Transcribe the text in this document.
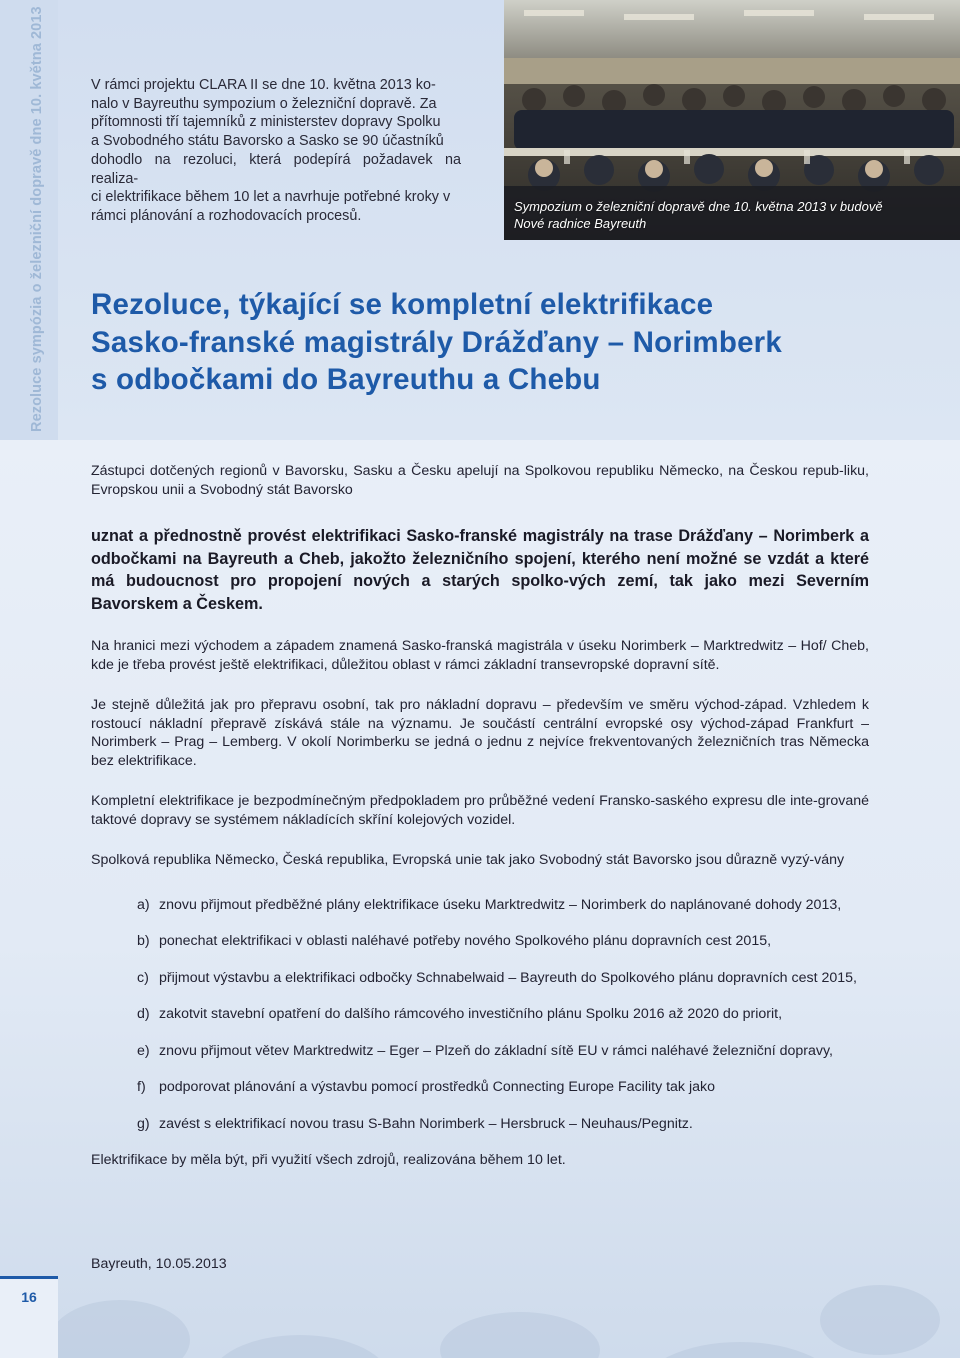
Rezoluce sympózia o železniční dopravě dne 10. května 2013	V rámci projektu CLARA II se dne 10. května 2013 ko-
nalo v Bayreuthu sympozium o železniční dopravě. Za
přítomnosti tří tajemníků z ministerstev dopravy Spolku
a Svobodného státu Bavorsko a Sasko se 90 účastníků
dohodlo na rezoluci, která podepírá požadavek na realiza-
ci elektrifikace během 10 let a navrhuje potřebné kroky v
rámci plánování a rozhodovacích procesů.
Sympozium o železniční dopravě dne 10. května 2013 v budově
Nové radnice Bayreuth
Rezoluce, týkající se kompletní elektrifikace
Sasko-franské magistrály Drážďany – Norimberk
s odbočkami do Bayreuthu a Chebu

Zástupci dotčených regionů v Bavorsku, Sasku a Česku apelují na Spolkovou republiku Německo, na Českou repub-liku, Evropskou unii a Svobodný stát Bavorsko

uznat a přednostně provést elektrifikaci Sasko-franské magistrály na trase Drážďany – Norimberk a odbočkami na Bayreuth a Cheb, jakožto železničního spojení, kterého není možné se vzdát a které má budoucnost pro propojení nových a starých spolko-vých zemí, tak jako mezi Severním Bavorskem a Českem.

Na hranici mezi východem a západem znamená Sasko-franská magistrála v úseku Norimberk – Marktredwitz – Hof/ Cheb, kde je třeba provést ještě elektrifikaci, důležitou oblast v rámci základní transevropské dopravní sítě.

Je stejně důležitá jak pro přepravu osobní, tak pro nákladní dopravu – především ve směru východ-západ. Vzhledem k rostoucí nákladní přepravě získává stále na významu. Je součástí centrální evropské osy východ-západ Frankfurt – Norimberk – Prag – Lemberg. V okolí Norimberku se jedná o jednu z nejvíce frekventovaných železničních tras Německa bez elektrifikace.

Kompletní elektrifikace je bezpodmínečným předpokladem pro průběžné vedení Fransko-saského expresu dle inte-grované taktové dopravy se systémem nákladících skříní kolejových vozidel.

Spolková republika Německo, Česká republika, Evropská unie tak jako Svobodný stát Bavorsko jsou důrazně vyzý-vány

a) znovu přijmout předběžné plány elektrifikace úseku Marktredwitz – Norimberk do naplánované dohody 2013,
b) ponechat elektrifikaci v oblasti naléhavé potřeby nového Spolkového plánu dopravních cest 2015,
c) přijmout výstavbu a elektrifikaci odbočky Schnabelwaid – Bayreuth do Spolkového plánu dopravních cest 2015,
d) zakotvit stavební opatření do dalšího rámcového investičního plánu Spolku 2016 až 2020 do priorit,
e) znovu přijmout větev Marktredwitz – Eger – Plzeň do základní sítě EU v rámci naléhavé železniční dopravy,
f) podporovat plánování a výstavbu pomocí prostředků Connecting Europe Facility tak jako
g) zavést s elektrifikací novou trasu S-Bahn Norimberk – Hersbruck – Neuhaus/Pegnitz.

Elektrifikace by měla být, při využití všech zdrojů, realizována během 10 let.

Bayreuth, 10.05.2013
16
